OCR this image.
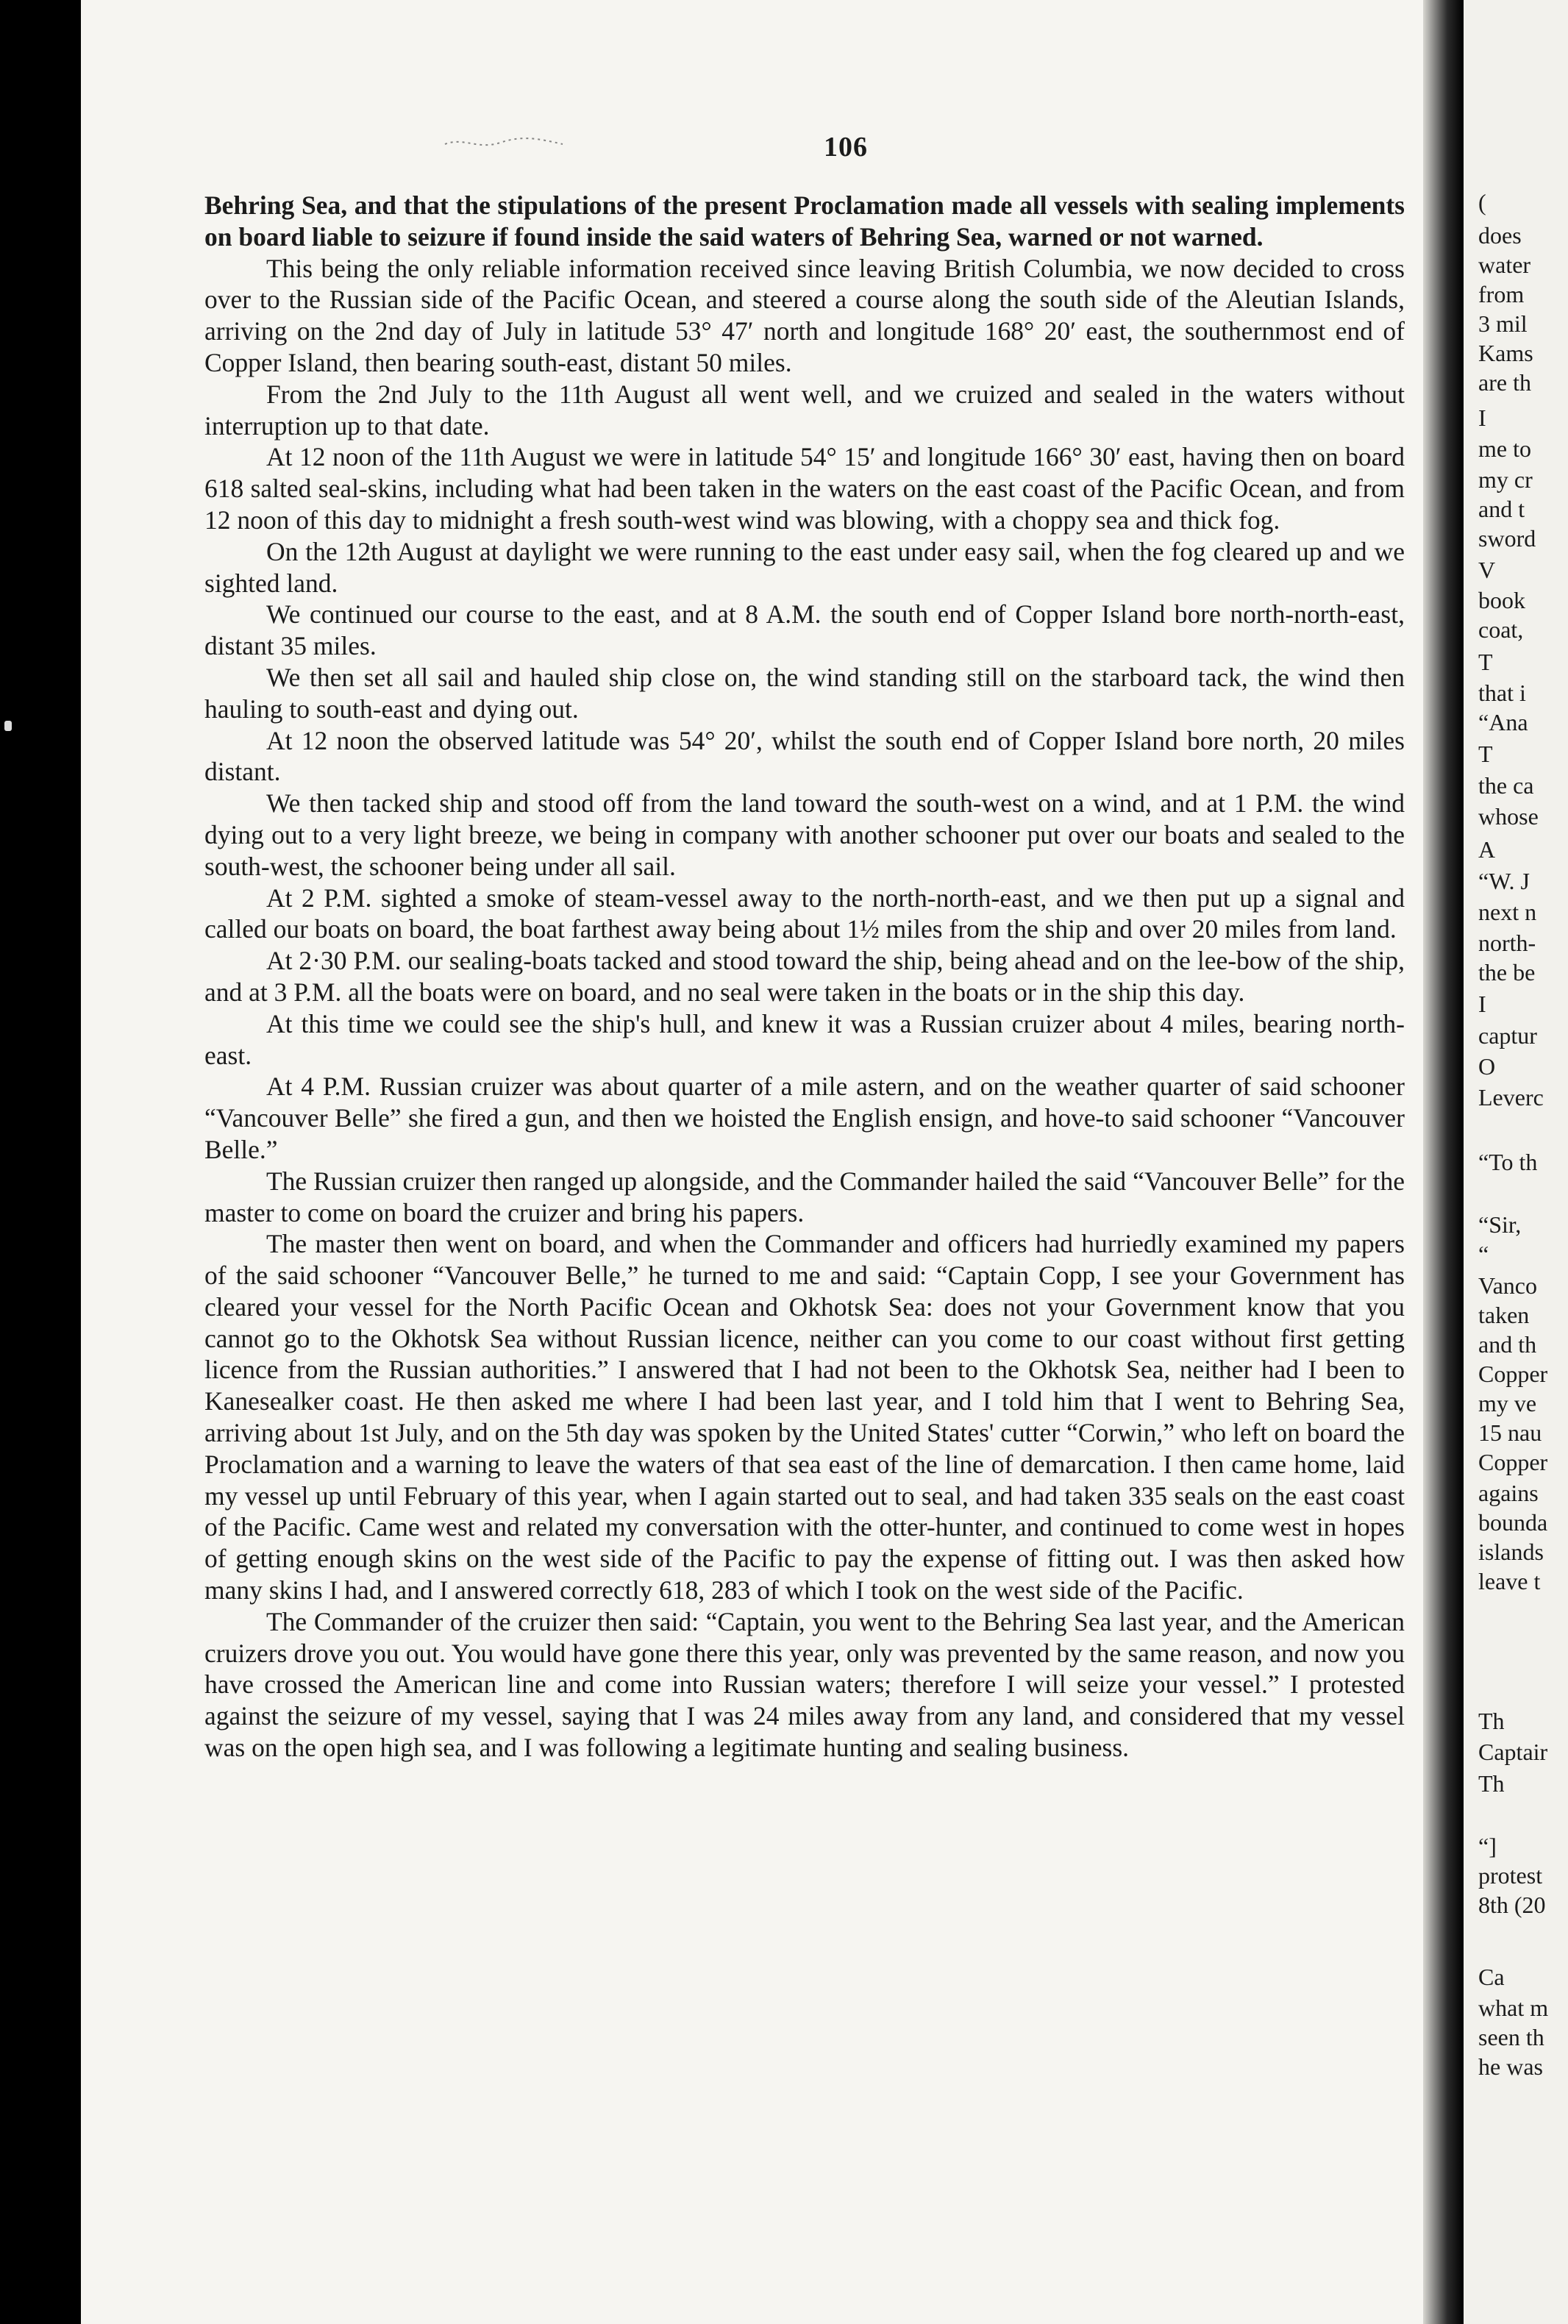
106

Behring Sea, and that the stipulations of the present Proclamation made all vessels with sealing implements on board liable to seizure if found inside the said waters of Behring Sea, warned or not warned.

This being the only reliable information received since leaving British Columbia, we now decided to cross over to the Russian side of the Pacific Ocean, and steered a course along the south side of the Aleutian Islands, arriving on the 2nd day of July in latitude 53° 47′ north and longitude 168° 20′ east, the southernmost end of Copper Island, then bearing south-east, distant 50 miles.

From the 2nd July to the 11th August all went well, and we cruized and sealed in the waters without interruption up to that date.

At 12 noon of the 11th August we were in latitude 54° 15′ and longitude 166° 30′ east, having then on board 618 salted seal-skins, including what had been taken in the waters on the east coast of the Pacific Ocean, and from 12 noon of this day to midnight a fresh south-west wind was blowing, with a choppy sea and thick fog.

On the 12th August at daylight we were running to the east under easy sail, when the fog cleared up and we sighted land.

We continued our course to the east, and at 8 A.M. the south end of Copper Island bore north-north-east, distant 35 miles.

We then set all sail and hauled ship close on, the wind standing still on the starboard tack, the wind then hauling to south-east and dying out.

At 12 noon the observed latitude was 54° 20′, whilst the south end of Copper Island bore north, 20 miles distant.

We then tacked ship and stood off from the land toward the south-west on a wind, and at 1 P.M. the wind dying out to a very light breeze, we being in company with another schooner put over our boats and sealed to the south-west, the schooner being under all sail.

At 2 P.M. sighted a smoke of steam-vessel away to the north-north-east, and we then put up a signal and called our boats on board, the boat farthest away being about 1½ miles from the ship and over 20 miles from land.

At 2·30 P.M. our sealing-boats tacked and stood toward the ship, being ahead and on the lee-bow of the ship, and at 3 P.M. all the boats were on board, and no seal were taken in the boats or in the ship this day.

At this time we could see the ship's hull, and knew it was a Russian cruizer about 4 miles, bearing north-east.

At 4 P.M. Russian cruizer was about quarter of a mile astern, and on the weather quarter of said schooner “Vancouver Belle” she fired a gun, and then we hoisted the English ensign, and hove-to said schooner “Vancouver Belle.”

The Russian cruizer then ranged up alongside, and the Commander hailed the said “Vancouver Belle” for the master to come on board the cruizer and bring his papers.

The master then went on board, and when the Commander and officers had hurriedly examined my papers of the said schooner “Vancouver Belle,” he turned to me and said: “Captain Copp, I see your Government has cleared your vessel for the North Pacific Ocean and Okhotsk Sea: does not your Government know that you cannot go to the Okhotsk Sea without Russian licence, neither can you come to our coast without first getting licence from the Russian authorities.” I answered that I had not been to the Okhotsk Sea, neither had I been to Kanesealker coast. He then asked me where I had been last year, and I told him that I went to Behring Sea, arriving about 1st July, and on the 5th day was spoken by the United States' cutter “Corwin,” who left on board the Proclamation and a warning to leave the waters of that sea east of the line of demarcation. I then came home, laid my vessel up until February of this year, when I again started out to seal, and had taken 335 seals on the east coast of the Pacific. Came west and related my conversation with the otter-hunter, and continued to come west in hopes of getting enough skins on the west side of the Pacific to pay the expense of fitting out. I was then asked how many skins I had, and I answered correctly 618, 283 of which I took on the west side of the Pacific.

The Commander of the cruizer then said: “Captain, you went to the Behring Sea last year, and the American cruizers drove you out. You would have gone there this year, only was prevented by the same reason, and now you have crossed the American line and come into Russian waters; therefore I will seize your vessel.” I protested against the seizure of my vessel, saying that I was 24 miles away from any land, and considered that my vessel was on the open high sea, and I was following a legitimate hunting and sealing business.

(
does
water
from
3 mil
Kams
are th
I
me to
my cr
and t
sword
V
book
coat,
T
that i
“Ana
T
the ca
whose
A
“W. J
next n
north-
the be
I
captur
O
Leverc
“To th
“Sir,
“
Vanco
taken
and th
Copper
my ve
15 nau
Copper
agains
bounda
islands
leave t
Th
Captair
Th
“]
protest
8th (20
Ca
what m
seen th
he was
